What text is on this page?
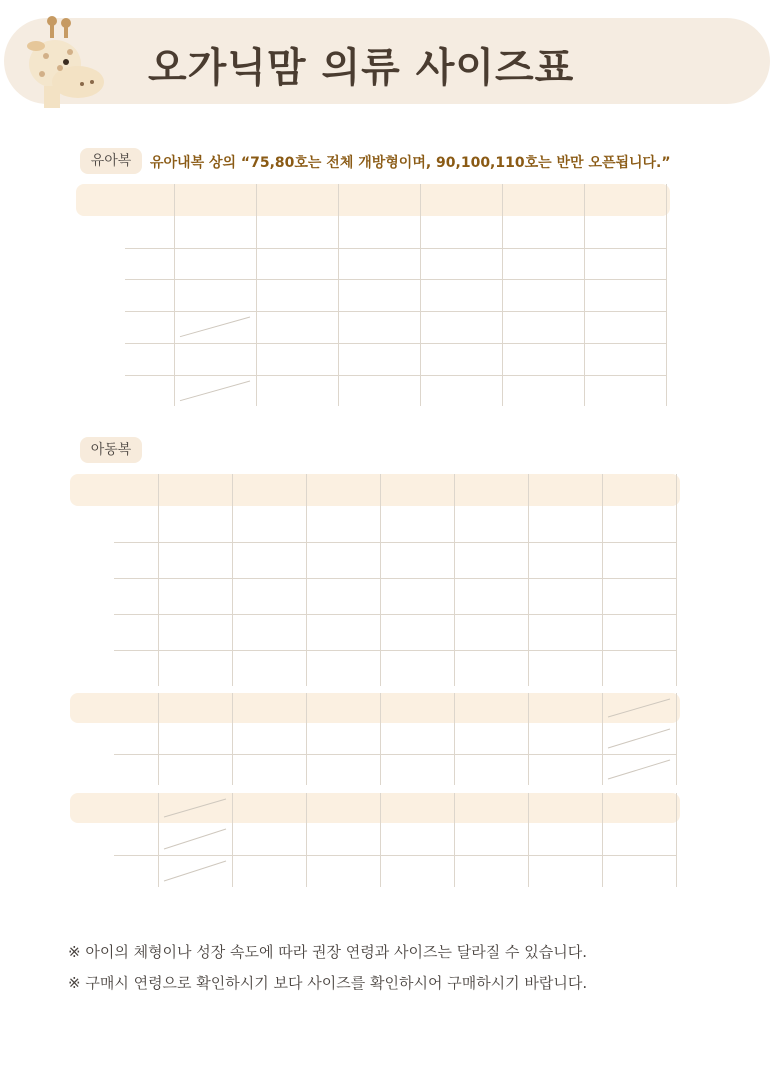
오가닉맘 의류 사이즈표
유아복	유아내복 상의 “75,80호는 전체 개방형이며, 90,100,110호는 반만 오픈됩니다.”
아동복
※ 아이의 체형이나 성장 속도에 따라 권장 연령과 사이즈는 달라질 수 있습니다.
※ 구매시 연령으로 확인하시기 보다 사이즈를 확인하시어 구매하시기 바랍니다.
